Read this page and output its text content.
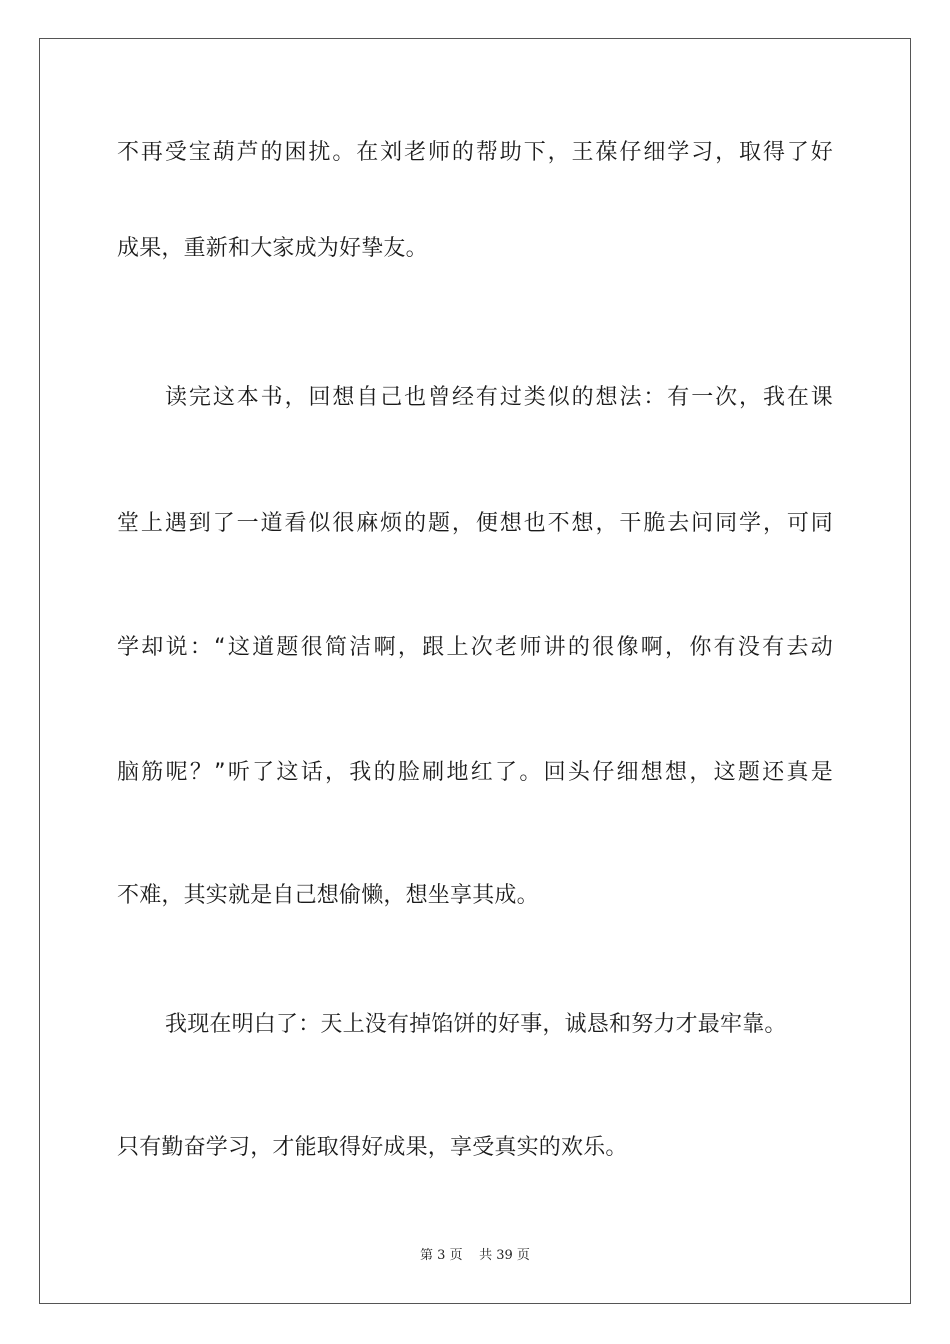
不再受宝葫芦的困扰。在刘老师的帮助下，王葆仔细学习，取得了好
成果，重新和大家成为好挚友。
读完这本书，回想自己也曾经有过类似的想法：有一次，我在课
堂上遇到了一道看似很麻烦的题，便想也不想，干脆去问同学，可同
学却说：“这道题很简洁啊，跟上次老师讲的很像啊，你有没有去动
脑筋呢？”听了这话，我的脸刷地红了。回头仔细想想，这题还真是
不难，其实就是自己想偷懒，想坐享其成。
我现在明白了：天上没有掉馅饼的好事，诚恳和努力才最牢靠。
只有勤奋学习，才能取得好成果，享受真实的欢乐。
第 3 页 共 39 页
